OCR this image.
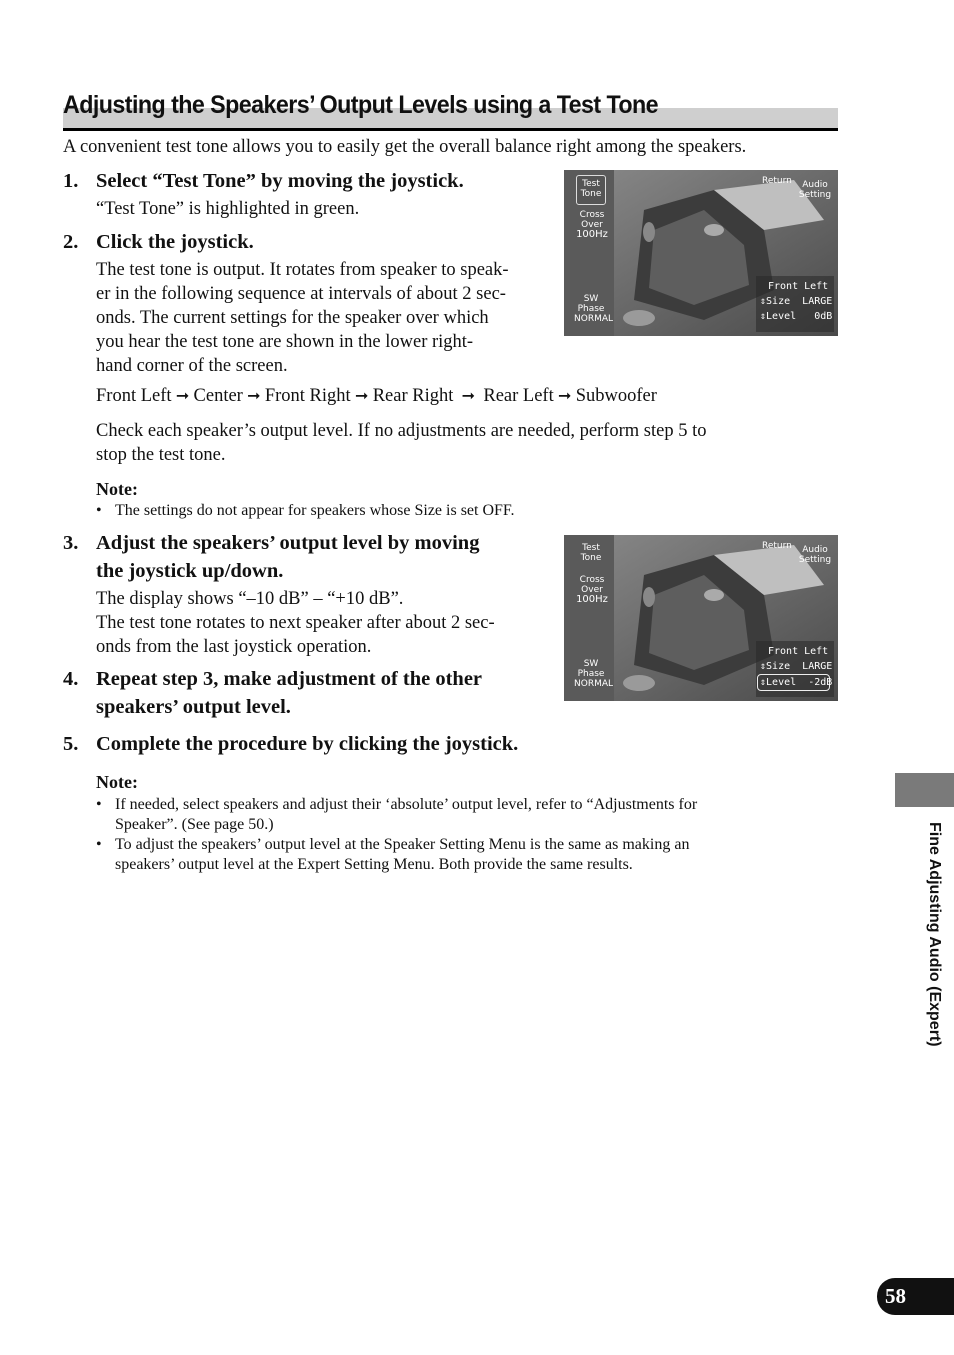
Adjusting the Speakers’ Output Levels using a Test Tone
A convenient test tone allows you to easily get the overall balance right among the speakers.
1. Select “Test Tone” by moving the joystick.
“Test Tone” is highlighted in green.
2. Click the joystick.
The test tone is output. It rotates from speaker to speak-
er in the following sequence at intervals of about 2 sec-
onds. The current settings for the speaker over which
you hear the test tone are shown in the lower right-
hand corner of the screen.
Front Left ➞ Center ➞ Front Right ➞ Rear Right ➞ Rear Left ➞ Subwoofer
Check each speaker’s output level. If no adjustments are needed, perform step 5 to
stop the test tone.
Note:
• The settings do not appear for speakers whose Size is set OFF.
3. Adjust the speakers’ output level by moving
the joystick up/down.
The display shows “–10 dB” – “+10 dB”.
The test tone rotates to next speaker after about 2 sec-
onds from the last joystick operation.
4. Repeat step 3, make adjustment of the other
speakers’ output level.
5. Complete the procedure by clicking the joystick.
Note:
• If needed, select speakers and adjust their ‘absolute’ output level, refer to “Adjustments for
Speaker”. (See page 50.)
• To adjust the speakers’ output level at the Speaker Setting Menu is the same as making an
speakers’ output level at the Expert Setting Menu. Both provide the same results.
Test
Tone
Cross
Over
100Hz
SW
Phase
NORMAL
Return	Audio
Setting
Front Left
⇕Size LARGE
⇕Level 0dB
Test
Tone
Cross
Over
100Hz
SW
Phase
NORMAL
Return	Audio
Setting
Front Left
⇕Size LARGE
⇕Level -2dB
Fine Adjusting Audio (Expert)
58
